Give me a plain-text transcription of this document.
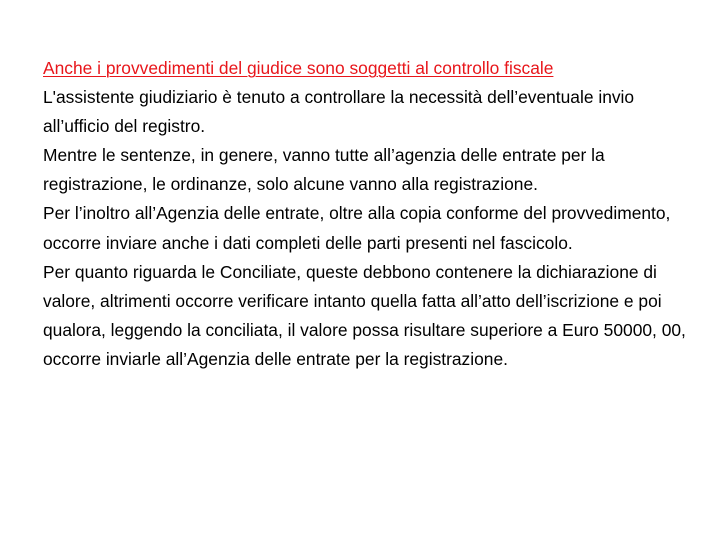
Anche i provvedimenti del giudice sono soggetti al controllo fiscale

L'assistente giudiziario è tenuto a controllare la necessità dell’eventuale invio all’ufficio del registro.

Mentre le sentenze, in genere, vanno tutte all’agenzia delle entrate per la registrazione, le ordinanze, solo alcune vanno alla registrazione.

Per l’inoltro all’Agenzia delle entrate, oltre alla copia conforme del provvedimento, occorre inviare anche i dati completi delle parti presenti nel fascicolo.

Per quanto riguarda le Conciliate, queste debbono contenere la dichiarazione di valore, altrimenti occorre verificare intanto quella fatta all’atto dell’iscrizione e poi qualora, leggendo la conciliata, il valore possa risultare superiore a Euro 50000, 00, occorre inviarle all’Agenzia delle entrate per la registrazione.
